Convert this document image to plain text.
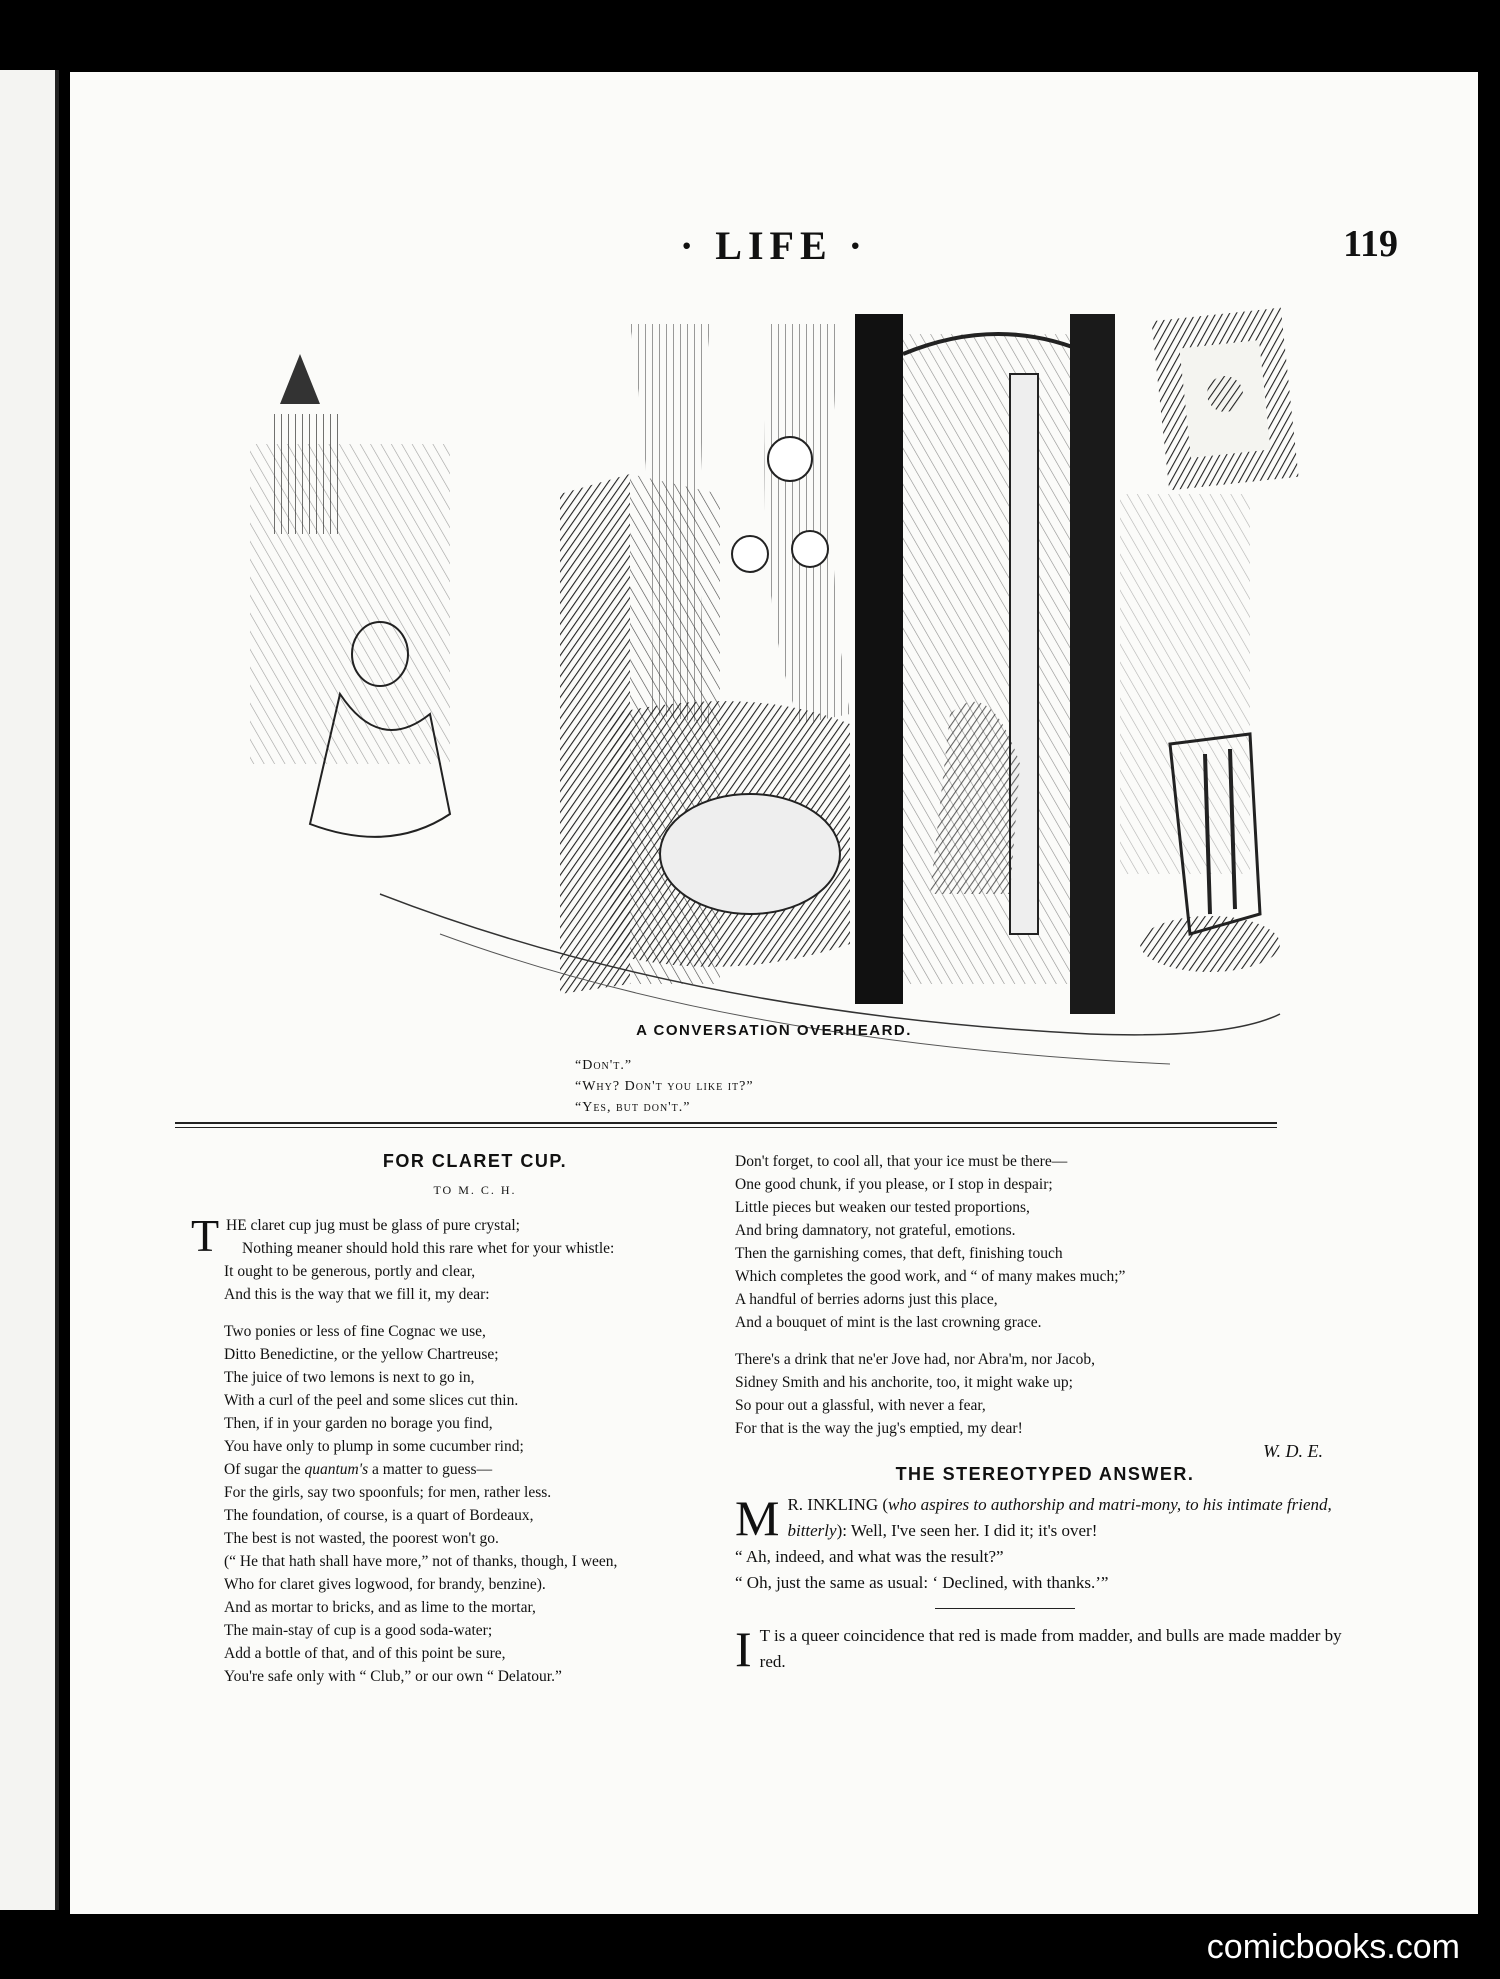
· LIFE ·	119
A CONVERSATION OVERHEARD.
“Don't.”
“Why? Don't you like it?”
“Yes, but don't.”
FOR CLARET CUP.
TO M. C. H.

THE claret cup jug must be glass of pure crystal;

Nothing meaner should hold this rare whet for your whistle:

It ought to be generous, portly and clear,

And this is the way that we fill it, my dear:

Two ponies or less of fine Cognac we use,

Ditto Benedictine, or the yellow Chartreuse;

The juice of two lemons is next to go in,

With a curl of the peel and some slices cut thin.

Then, if in your garden no borage you find,

You have only to plump in some cucumber rind;

Of sugar the quantum's a matter to guess—

For the girls, say two spoonfuls; for men, rather less.

The foundation, of course, is a quart of Bordeaux,

The best is not wasted, the poorest won't go.

(“ He that hath shall have more,” not of thanks, though, I ween,

Who for claret gives logwood, for brandy, benzine).

And as mortar to bricks, and as lime to the mortar,

The main-stay of cup is a good soda-water;

Add a bottle of that, and of this point be sure,

You're safe only with “ Club,” or our own “ Delatour.”

Don't forget, to cool all, that your ice must be there—

One good chunk, if you please, or I stop in despair;

Little pieces but weaken our tested proportions,

And bring damnatory, not grateful, emotions.

Then the garnishing comes, that deft, finishing touch

Which completes the good work, and “ of many makes much;”

A handful of berries adorns just this place,

And a bouquet of mint is the last crowning grace.

There's a drink that ne'er Jove had, nor Abra'm, nor Jacob,

Sidney Smith and his anchorite, too, it might wake up;

So pour out a glassful, with never a fear,

For that is the way the jug's emptied, my dear!

W. D. E.
THE STEREOTYPED ANSWER.
M R. INKLING (who aspires to authorship and matri-mony, to his intimate friend, bitterly): Well, I've seen her. I did it; it's over!
“ Ah, indeed, and what was the result?”
“ Oh, just the same as usual: ‘ Declined, with thanks.’”
I T is a queer coincidence that red is made from madder, and bulls are made madder by red.
comicbooks.com
